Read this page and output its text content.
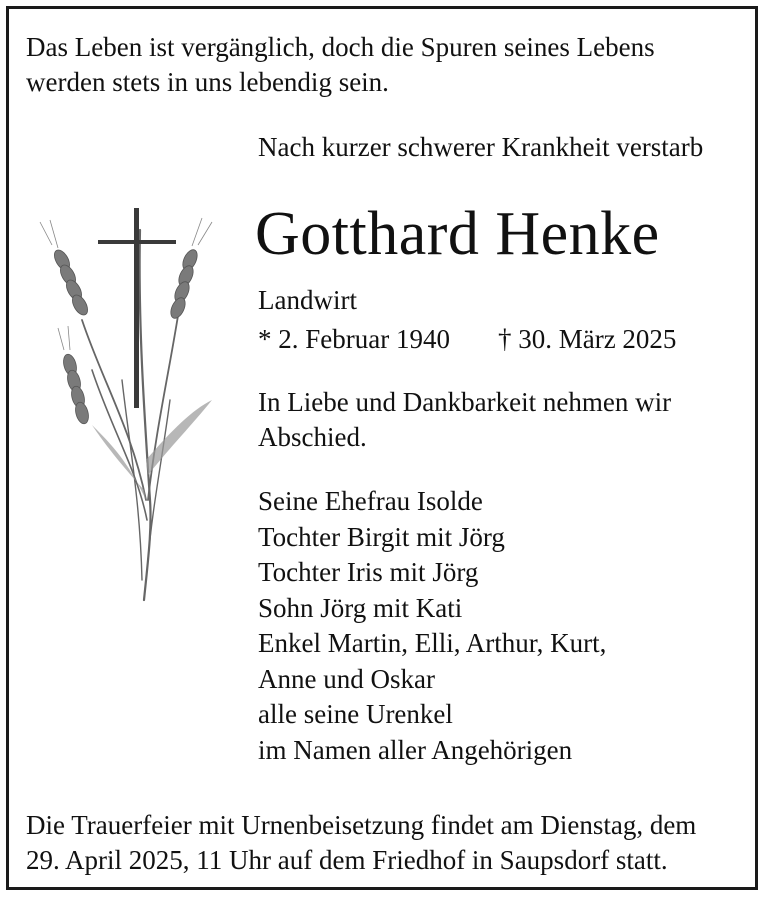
Das Leben ist vergänglich, doch die Spuren seines Lebens
werden stets in uns lebendig sein.
Nach kurzer schwerer Krankheit verstarb
Gotthard Henke
Landwirt
* 2. Februar 1940 † 30. März 2025
In Liebe und Dankbarkeit nehmen wir
Abschied.
Seine Ehefrau Isolde
Tochter Birgit mit Jörg
Tochter Iris mit Jörg
Sohn Jörg mit Kati
Enkel Martin, Elli, Arthur, Kurt,
Anne und Oskar
alle seine Urenkel
im Namen aller Angehörigen
Die Trauerfeier mit Urnenbeisetzung findet am Dienstag, dem
29. April 2025, 11 Uhr auf dem Friedhof in Saupsdorf statt.
